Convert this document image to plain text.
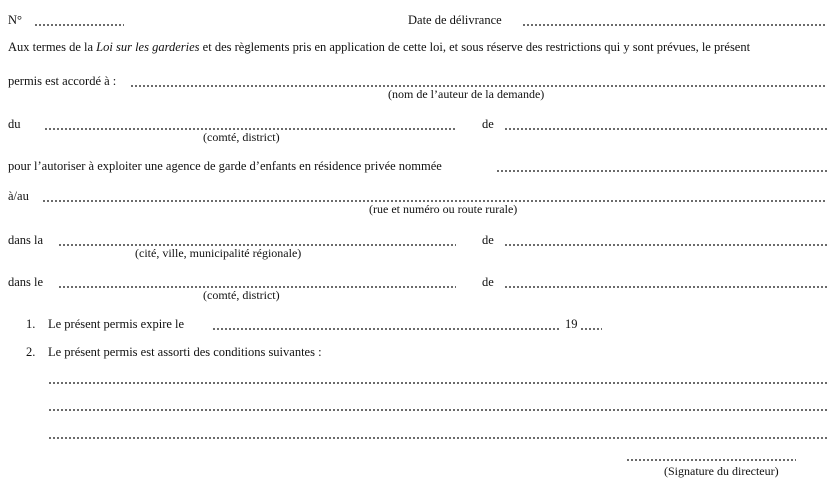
N°	Date de délivrance
Aux termes de la Loi sur les garderies et des règlements pris en application de cette loi, et sous réserve des restrictions qui y sont prévues, le présent
permis est accordé à :
(nom de l’auteur de la demande)
du
(comté, district)
de
pour l’autoriser à exploiter une agence de garde d’enfants en résidence privée nommée
à/au
(rue et numéro ou route rurale)
dans la
(cité, ville, municipalité régionale)
de
dans le
(comté, district)
de
1. Le présent permis expire le	19
2. Le présent permis est assorti des conditions suivantes :
(Signature du directeur)
